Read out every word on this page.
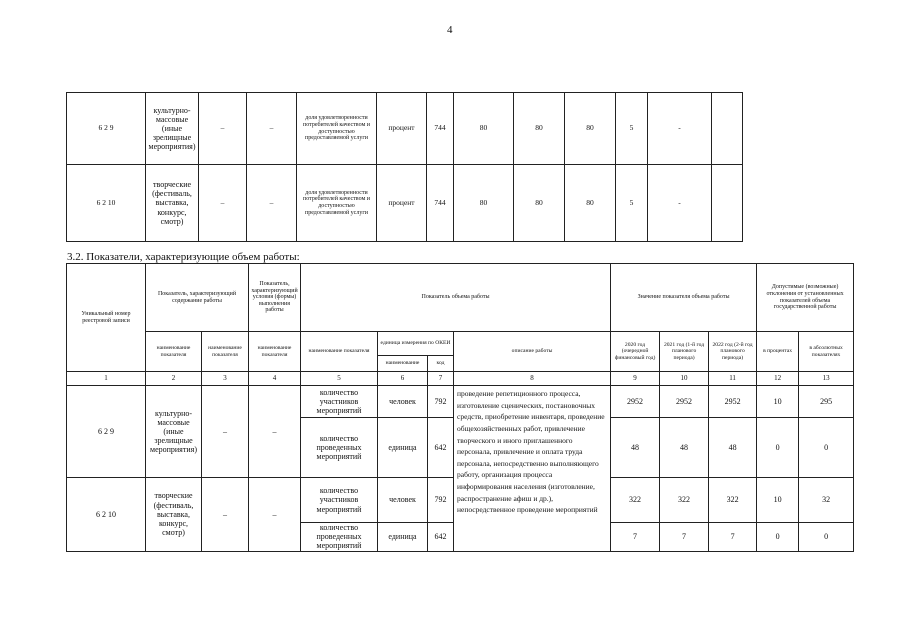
4
6 2 9	культурно-массовые (иные зрелищные мероприятия)	–	–	доля удовлетворенности потребителей качеством и доступностью предоставляемой услуги	процент	744	80	80	80	5	-	
6 2 10	творческие (фестиваль, выставка, конкурс, смотр)	–	–	доля удовлетворенности потребителей качеством и доступностью предоставляемой услуги	процент	744	80	80	80	5	-	
3.2. Показатели, характеризующие объем работы:
Уникальный номер реестровой записи	Показатель, характеризующий содержание работы		Показатель, характеризующий условия (формы) выполнения работы	Показатель объема работы				Значение показателя объема работы			Допустимые (возможные) отклонения от установленных показателей объема государственной работы	
	наименование показателя	наименование показателя	наименование показателя	наименование показателя	единица измерения по ОКЕИ		описание работы	2020 год (очередной финансовый год)	2021 год (1-й год планового периода)	2022 год (2-й год планового периода)	в процентах	в абсолютных показателях
					наименование	код						
1	2	3	4	5	6	7	8	9	10	11	12	13
6 2 9	культурно-массовые (иные зрелищные мероприятия)	–	–	количество участников мероприятий	человек	792	проведение репетиционного процесса, изготовление сценических, постановочных средств, приобретение инвентаря, проведение общехозяйственных работ, привлечение творческого и иного приглашенного персонала, привлечение и оплата труда персонала, непосредственно выполняющего работу, организация процесса информирования населения (изготовление, распространение афиш и др.), непосредственное проведение мероприятий	2952	2952	2952	10	295
				количество проведенных мероприятий	единица	642		48	48	48	0	0
6 2 10	творческие (фестиваль, выставка, конкурс, смотр)	–	–	количество участников мероприятий	человек	792		322	322	322	10	32
				количество проведенных мероприятий	единица	642		7	7	7	0	0
